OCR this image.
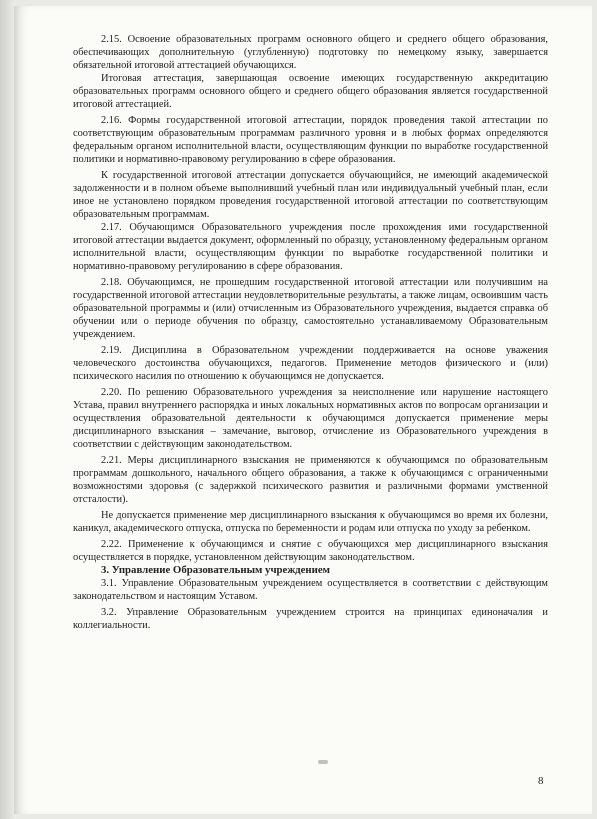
2.15. Освоение образовательных программ основного общего и среднего общего образования, обеспечивающих дополнительную (углубленную) подготовку по немецкому языку, завершается обязательной итоговой аттестацией обучающихся.

Итоговая аттестация, завершающая освоение имеющих государственную аккредитацию образовательных программ основного общего и среднего общего образования является государственной итоговой аттестацией.

2.16. Формы государственной итоговой аттестации, порядок проведения такой аттестации по соответствующим образовательным программам различного уровня и в любых формах определяются федеральным органом исполнительной власти, осуществляющим функции по выработке государственной политики и нормативно-правовому регулированию в сфере образования.

К государственной итоговой аттестации допускается обучающийся, не имеющий академической задолженности и в полном объеме выполнивший учебный план или индивидуальный учебный план, если иное не установлено порядком проведения государственной итоговой аттестации по соответствующим образовательным программам.

2.17. Обучающимся Образовательного учреждения после прохождения ими государственной итоговой аттестации выдается документ, оформленный по образцу, установленному федеральным органом исполнительной власти, осуществляющим функции по выработке государственной политики и нормативно-правовому регулированию в сфере образования.

2.18. Обучающимся, не прошедшим государственной итоговой аттестации или получившим на государственной итоговой аттестации неудовлетворительные результаты, а также лицам, освоившим часть образовательной программы и (или) отчисленным из Образовательного учреждения, выдается справка об обучении или о периоде обучения по образцу, самостоятельно устанавливаемому Образовательным учреждением.

2.19. Дисциплина в Образовательном учреждении поддерживается на основе уважения человеческого достоинства обучающихся, педагогов. Применение методов физического и (или) психического насилия по отношению к обучающимся не допускается.

2.20. По решению Образовательного учреждения за неисполнение или нарушение настоящего Устава, правил внутреннего распорядка и иных локальных нормативных актов по вопросам организации и осуществления образовательной деятельности к обучающимся допускается применение меры дисциплинарного взыскания – замечание, выговор, отчисление из Образовательного учреждения в соответствии с действующим законодательством.

2.21. Меры дисциплинарного взыскания не применяются к обучающимся по образовательным программам дошкольного, начального общего образования, а также к обучающимся с ограниченными возможностями здоровья (с задержкой психического развития и различными формами умственной отсталости).

Не допускается применение мер дисциплинарного взыскания к обучающимся во время их болезни, каникул, академического отпуска, отпуска по беременности и родам или отпуска по уходу за ребенком.

2.22. Применение к обучающимся и снятие с обучающихся мер дисциплинарного взыскания осуществляется в порядке, установленном действующим законодательством.

3. Управление Образовательным учреждением

3.1. Управление Образовательным учреждением осуществляется в соответствии с действующим законодательством и настоящим Уставом.

3.2. Управление Образовательным учреждением строится на принципах единоначалия и коллегиальности.

8
